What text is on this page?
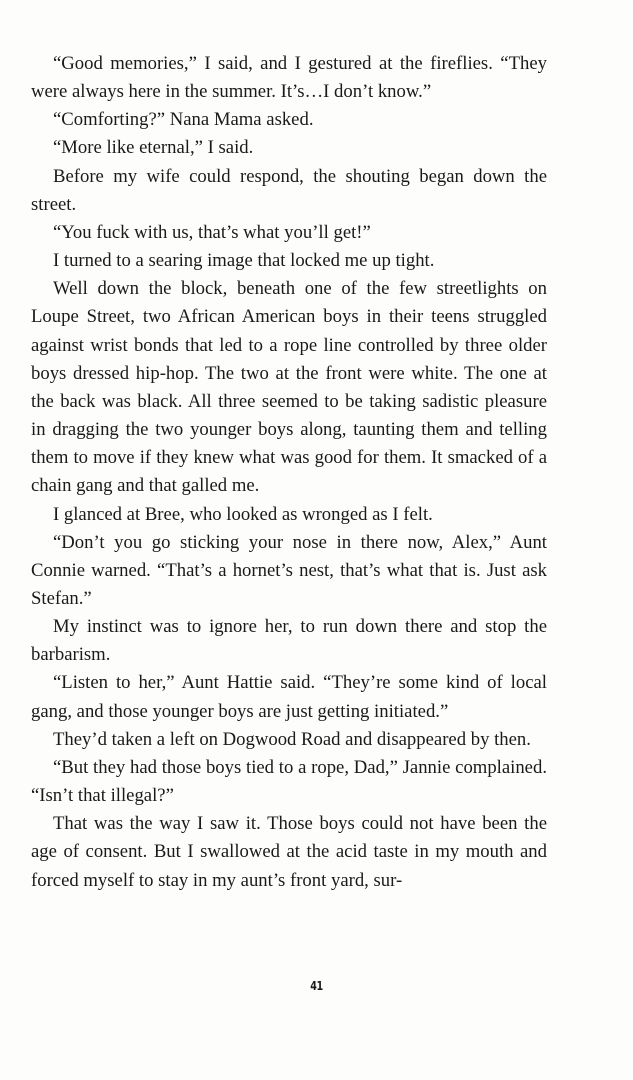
“Good memories,” I said, and I gestured at the fireflies. “They were always here in the summer. It’s…I don’t know.”

“Comforting?” Nana Mama asked.

“More like eternal,” I said.

Before my wife could respond, the shouting began down the street.

“You fuck with us, that’s what you’ll get!”

I turned to a searing image that locked me up tight.

Well down the block, beneath one of the few streetlights on Loupe Street, two African American boys in their teens struggled against wrist bonds that led to a rope line controlled by three older boys dressed hip-hop. The two at the front were white. The one at the back was black. All three seemed to be taking sadistic pleasure in dragging the two younger boys along, taunting them and telling them to move if they knew what was good for them. It smacked of a chain gang and that galled me.

I glanced at Bree, who looked as wronged as I felt.

“Don’t you go sticking your nose in there now, Alex,” Aunt Connie warned. “That’s a hornet’s nest, that’s what that is. Just ask Stefan.”

My instinct was to ignore her, to run down there and stop the barbarism.

“Listen to her,” Aunt Hattie said. “They’re some kind of local gang, and those younger boys are just getting initiated.”

They’d taken a left on Dogwood Road and disappeared by then.

“But they had those boys tied to a rope, Dad,” Jannie complained. “Isn’t that illegal?”

That was the way I saw it. Those boys could not have been the age of consent. But I swallowed at the acid taste in my mouth and forced myself to stay in my aunt’s front yard, sur-

41
